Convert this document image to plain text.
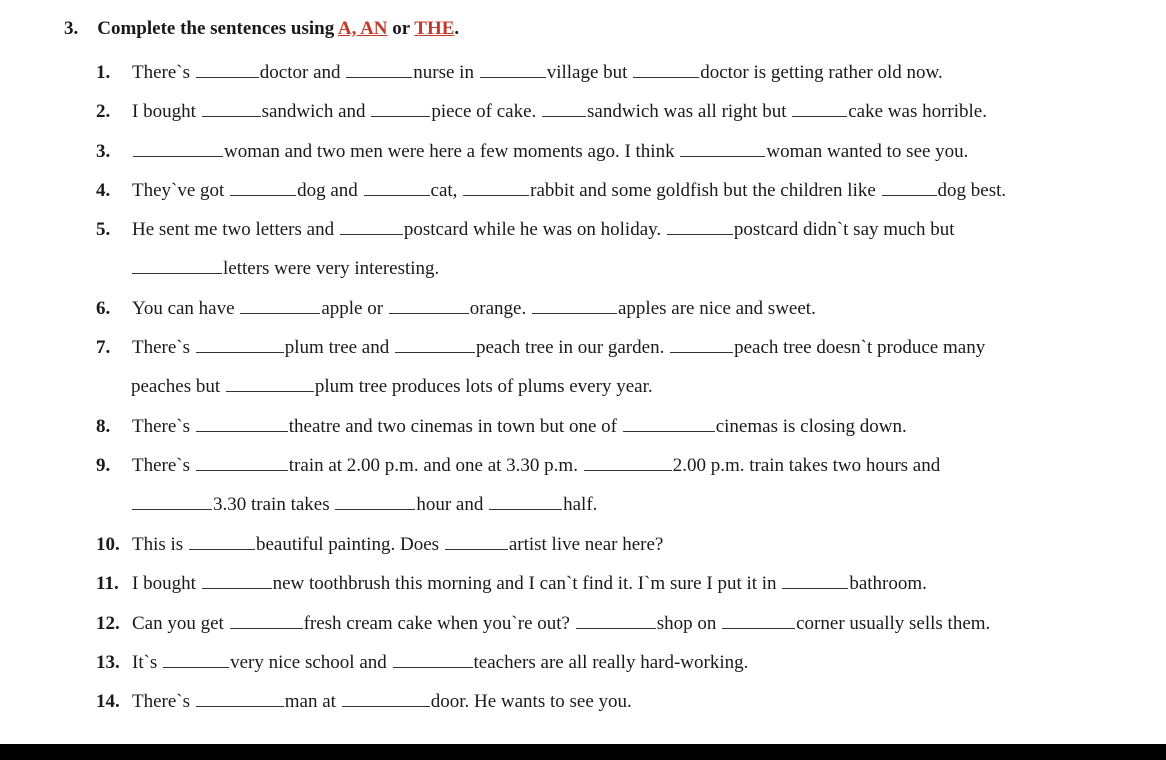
3. Complete the sentences using A, AN or THE.
1. There`s	doctor and	nurse in	village but	doctor is getting rather old now.
2. I bought	sandwich and	piece of cake. sandwich was all right but	cake was horrible.
3.	woman and two men were here a few moments ago. I think	woman wanted to see you.
4. They`ve got	dog and	cat,	rabbit and some goldfish but the children like	dog best.
5. He sent me two letters and	postcard while he was on holiday.	postcard didn`t say much but
letters were very interesting.
6. You can have	apple or	orange.	apples are nice and sweet.
7. There`s	plum tree and	peach tree in our garden.	peach tree doesn`t produce many
peaches but	plum tree produces lots of plums every year.
8. There`s	theatre and two cinemas in town but one of	cinemas is closing down.
9. There`s	train at 2.00 p.m. and one at 3.30 p.m.	2.00 p.m. train takes two hours and
3.30 train takes	hour and	half.
10. This is	beautiful painting. Does	artist live near here?
11. I bought	new toothbrush this morning and I can`t find it. I`m sure I put it in	bathroom.
12. Can you get	fresh cream cake when you`re out?	shop on	corner usually sells them.
13. It`s	very nice school and	teachers are all really hard-working.
14. There`s	man at	door. He wants to see you.
